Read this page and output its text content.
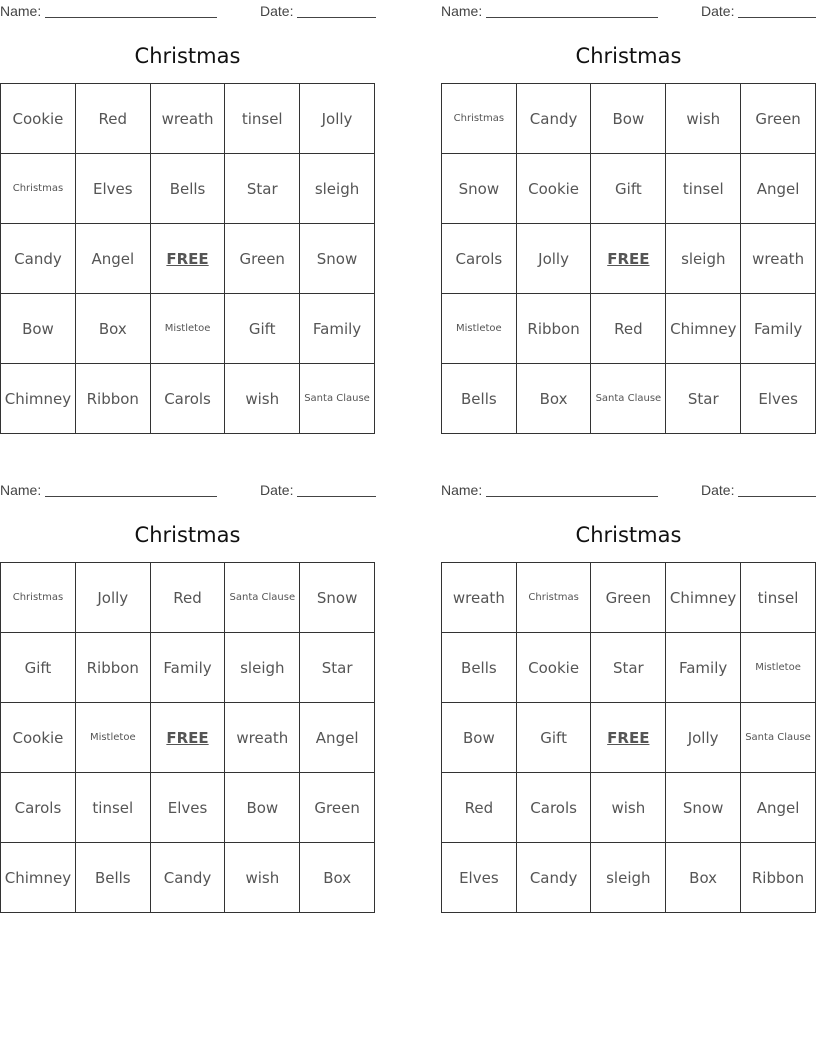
Name:	Date:
Christmas
Cookie	Red	wreath	tinsel	Jolly
Christmas	Elves	Bells	Star	sleigh
Candy	Angel	FREE	Green	Snow
Bow	Box	Mistletoe	Gift	Family
Chimney	Ribbon	Carols	wish	Santa Clause
Name:	Date:
Christmas
Christmas	Candy	Bow	wish	Green
Snow	Cookie	Gift	tinsel	Angel
Carols	Jolly	FREE	sleigh	wreath
Mistletoe	Ribbon	Red	Chimney	Family
Bells	Box	Santa Clause	Star	Elves
Name:	Date:
Christmas
Christmas	Jolly	Red	Santa Clause	Snow
Gift	Ribbon	Family	sleigh	Star
Cookie	Mistletoe	FREE	wreath	Angel
Carols	tinsel	Elves	Bow	Green
Chimney	Bells	Candy	wish	Box
Name:	Date:
Christmas
wreath	Christmas	Green	Chimney	tinsel
Bells	Cookie	Star	Family	Mistletoe
Bow	Gift	FREE	Jolly	Santa Clause
Red	Carols	wish	Snow	Angel
Elves	Candy	sleigh	Box	Ribbon
